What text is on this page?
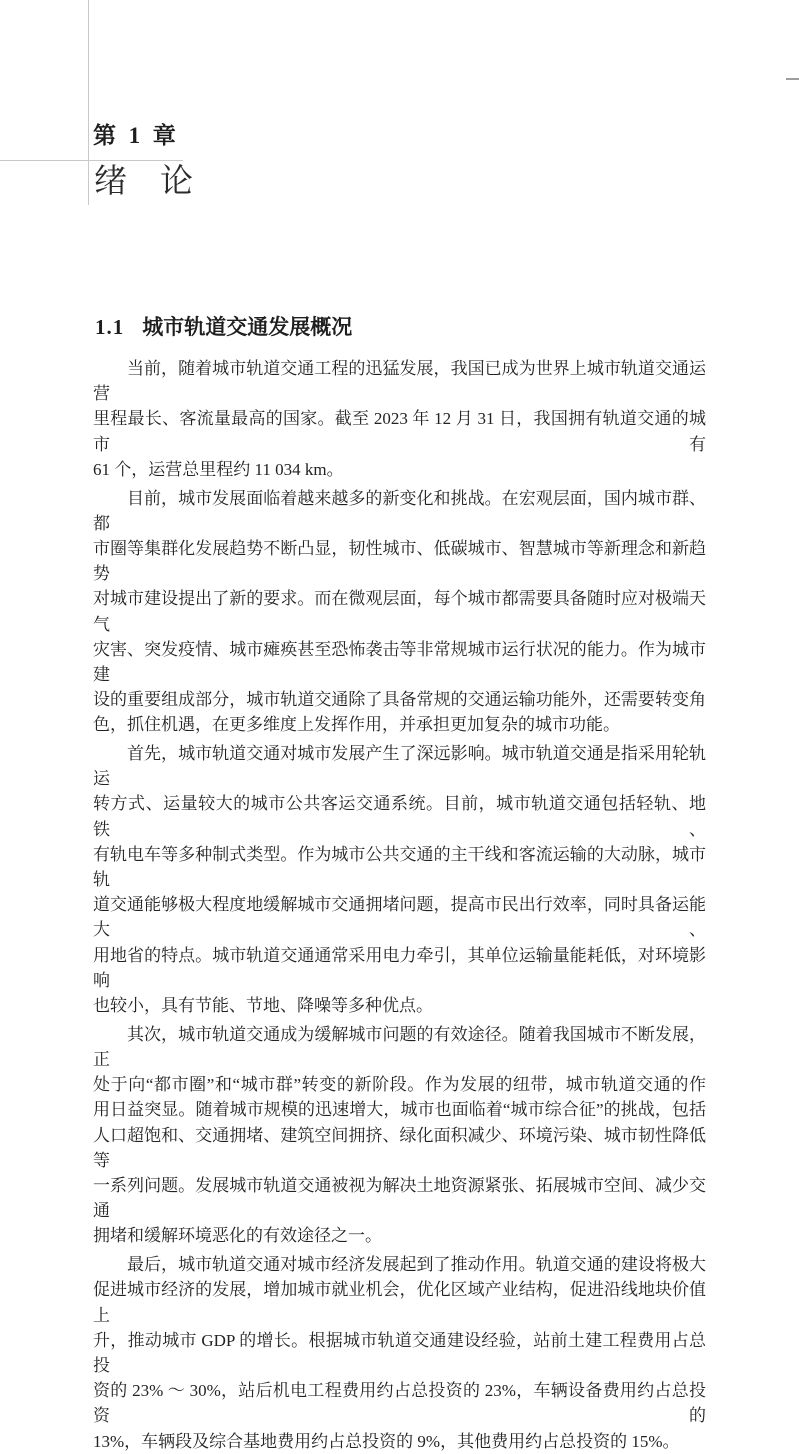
第 1 章
绪 论
1.1 城市轨道交通发展概况
当前，随着城市轨道交通工程的迅猛发展，我国已成为世界上城市轨道交通运营
里程最长、客流量最高的国家。截至 2023 年 12 月 31 日，我国拥有轨道交通的城市有
61 个，运营总里程约 11 034 km。
目前，城市发展面临着越来越多的新变化和挑战。在宏观层面，国内城市群、都
市圈等集群化发展趋势不断凸显，韧性城市、低碳城市、智慧城市等新理念和新趋势
对城市建设提出了新的要求。而在微观层面，每个城市都需要具备随时应对极端天气
灾害、突发疫情、城市瘫痪甚至恐怖袭击等非常规城市运行状况的能力。作为城市建
设的重要组成部分，城市轨道交通除了具备常规的交通运输功能外，还需要转变角
色，抓住机遇，在更多维度上发挥作用，并承担更加复杂的城市功能。
首先，城市轨道交通对城市发展产生了深远影响。城市轨道交通是指采用轮轨运
转方式、运量较大的城市公共客运交通系统。目前，城市轨道交通包括轻轨、地铁、
有轨电车等多种制式类型。作为城市公共交通的主干线和客流运输的大动脉，城市轨
道交通能够极大程度地缓解城市交通拥堵问题，提高市民出行效率，同时具备运能大、
用地省的特点。城市轨道交通通常采用电力牵引，其单位运输量能耗低，对环境影响
也较小，具有节能、节地、降噪等多种优点。
其次，城市轨道交通成为缓解城市问题的有效途径。随着我国城市不断发展，正
处于向“都市圈”和“城市群”转变的新阶段。作为发展的纽带，城市轨道交通的作
用日益突显。随着城市规模的迅速增大，城市也面临着“城市综合征”的挑战，包括
人口超饱和、交通拥堵、建筑空间拥挤、绿化面积减少、环境污染、城市韧性降低等
一系列问题。发展城市轨道交通被视为解决土地资源紧张、拓展城市空间、减少交通
拥堵和缓解环境恶化的有效途径之一。
最后，城市轨道交通对城市经济发展起到了推动作用。轨道交通的建设将极大
促进城市经济的发展，增加城市就业机会，优化区域产业结构，促进沿线地块价值上
升，推动城市 GDP 的增长。根据城市轨道交通建设经验，站前土建工程费用占总投
资的 23% ～ 30%，站后机电工程费用约占总投资的 23%，车辆设备费用约占总投资的
13%，车辆段及综合基地费用约占总投资的 9%，其他费用约占总投资的 15%。
